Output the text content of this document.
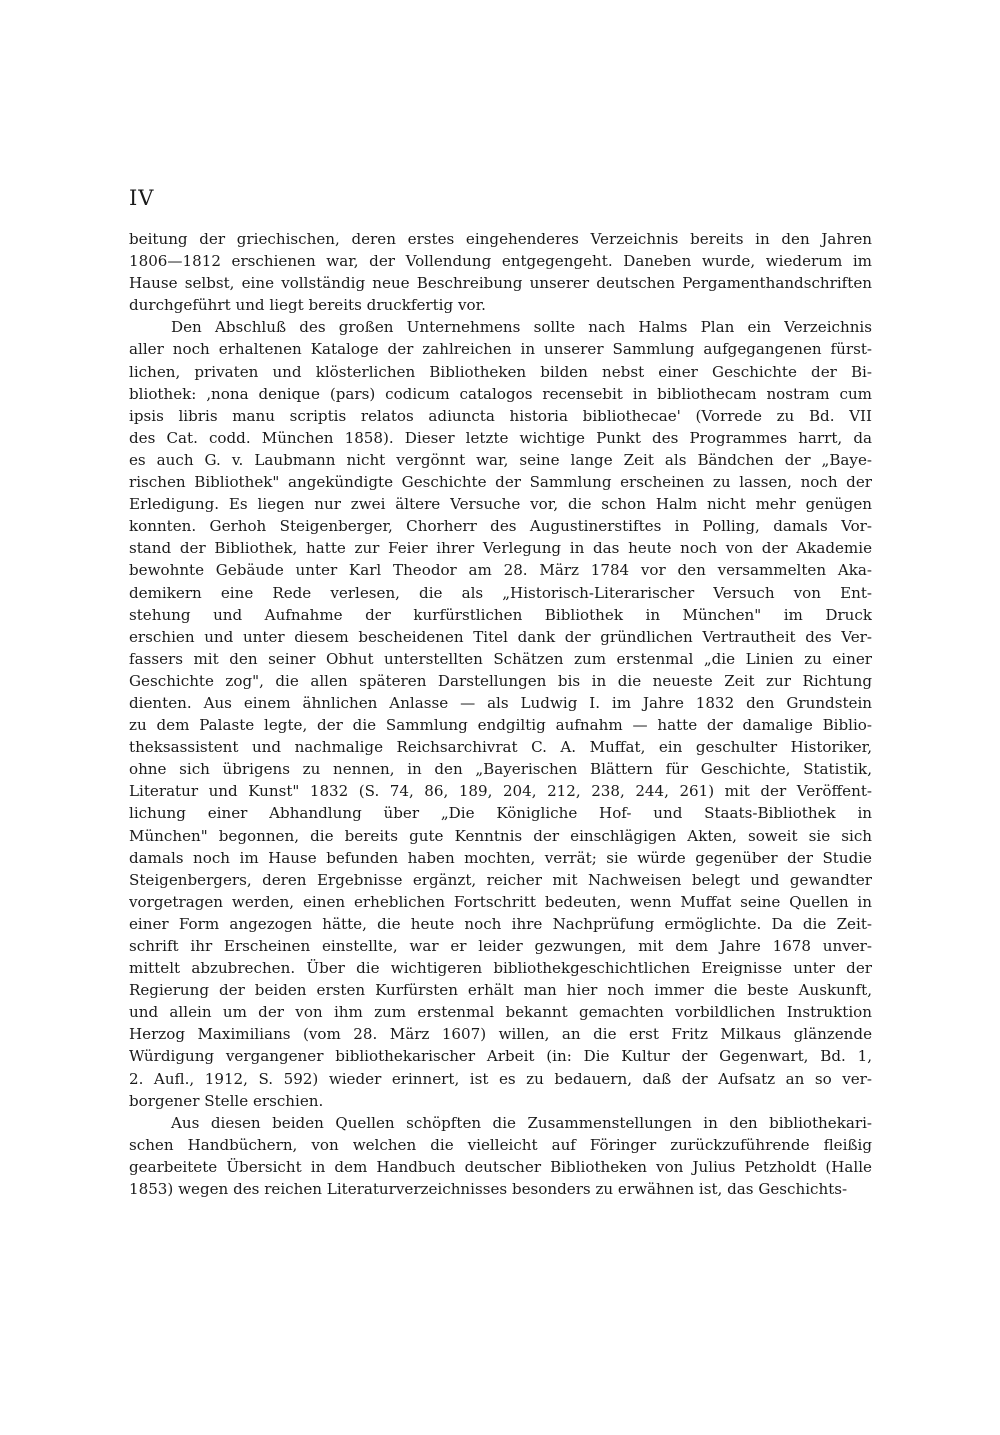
IV
beitung der griechischen, deren erstes eingehenderes Verzeichnis bereits in den Jahren
1806—1812 erschienen war, der Vollendung entgegengeht. Daneben wurde, wiederum im
Hause selbst, eine vollständig neue Beschreibung unserer deutschen Pergamenthandschriften
durchgeführt und liegt bereits druckfertig vor.
Den Abschluß des großen Unternehmens sollte nach Halms Plan ein Verzeichnis
aller noch erhaltenen Kataloge der zahlreichen in unserer Sammlung aufgegangenen fürst-
lichen, privaten und klösterlichen Bibliotheken bilden nebst einer Geschichte der Bi-
bliothek: ‚nona denique (pars) codicum catalogos recensebit in bibliothecam nostram cum
ipsis libris manu scriptis relatos adiuncta historia bibliothecae' (Vorrede zu Bd. VII
des Cat. codd. München 1858). Dieser letzte wichtige Punkt des Programmes harrt, da
es auch G. v. Laubmann nicht vergönnt war, seine lange Zeit als Bändchen der „Baye-
rischen Bibliothek" angekündigte Geschichte der Sammlung erscheinen zu lassen, noch der
Erledigung. Es liegen nur zwei ältere Versuche vor, die schon Halm nicht mehr genügen
konnten. Gerhoh Steigenberger, Chorherr des Augustinerstiftes in Polling, damals Vor-
stand der Bibliothek, hatte zur Feier ihrer Verlegung in das heute noch von der Akademie
bewohnte Gebäude unter Karl Theodor am 28. März 1784 vor den versammelten Aka-
demikern eine Rede verlesen, die als „Historisch-Literarischer Versuch von Ent-
stehung und Aufnahme der kurfürstlichen Bibliothek in München" im Druck
erschien und unter diesem bescheidenen Titel dank der gründlichen Vertrautheit des Ver-
fassers mit den seiner Obhut unterstellten Schätzen zum erstenmal „die Linien zu einer
Geschichte zog", die allen späteren Darstellungen bis in die neueste Zeit zur Richtung
dienten. Aus einem ähnlichen Anlasse — als Ludwig I. im Jahre 1832 den Grundstein
zu dem Palaste legte, der die Sammlung endgiltig aufnahm — hatte der damalige Biblio-
theksassistent und nachmalige Reichsarchivrat C. A. Muffat, ein geschulter Historiker,
ohne sich übrigens zu nennen, in den „Bayerischen Blättern für Geschichte, Statistik,
Literatur und Kunst" 1832 (S. 74, 86, 189, 204, 212, 238, 244, 261) mit der Veröffent-
lichung einer Abhandlung über „Die Königliche Hof- und Staats-Bibliothek in
München" begonnen, die bereits gute Kenntnis der einschlägigen Akten, soweit sie sich
damals noch im Hause befunden haben mochten, verrät; sie würde gegenüber der Studie
Steigenbergers, deren Ergebnisse ergänzt, reicher mit Nachweisen belegt und gewandter
vorgetragen werden, einen erheblichen Fortschritt bedeuten, wenn Muffat seine Quellen in
einer Form angezogen hätte, die heute noch ihre Nachprüfung ermöglichte. Da die Zeit-
schrift ihr Erscheinen einstellte, war er leider gezwungen, mit dem Jahre 1678 unver-
mittelt abzubrechen. Über die wichtigeren bibliothekgeschichtlichen Ereignisse unter der
Regierung der beiden ersten Kurfürsten erhält man hier noch immer die beste Auskunft,
und allein um der von ihm zum erstenmal bekannt gemachten vorbildlichen Instruktion
Herzog Maximilians (vom 28. März 1607) willen, an die erst Fritz Milkaus glänzende
Würdigung vergangener bibliothekarischer Arbeit (in: Die Kultur der Gegenwart, Bd. 1,
2. Aufl., 1912, S. 592) wieder erinnert, ist es zu bedauern, daß der Aufsatz an so ver-
borgener Stelle erschien.
Aus diesen beiden Quellen schöpften die Zusammenstellungen in den bibliothekari-
schen Handbüchern, von welchen die vielleicht auf Föringer zurückzuführende fleißig
gearbeitete Übersicht in dem Handbuch deutscher Bibliotheken von Julius Petzholdt (Halle
1853) wegen des reichen Literaturverzeichnisses besonders zu erwähnen ist, das Geschichts-
